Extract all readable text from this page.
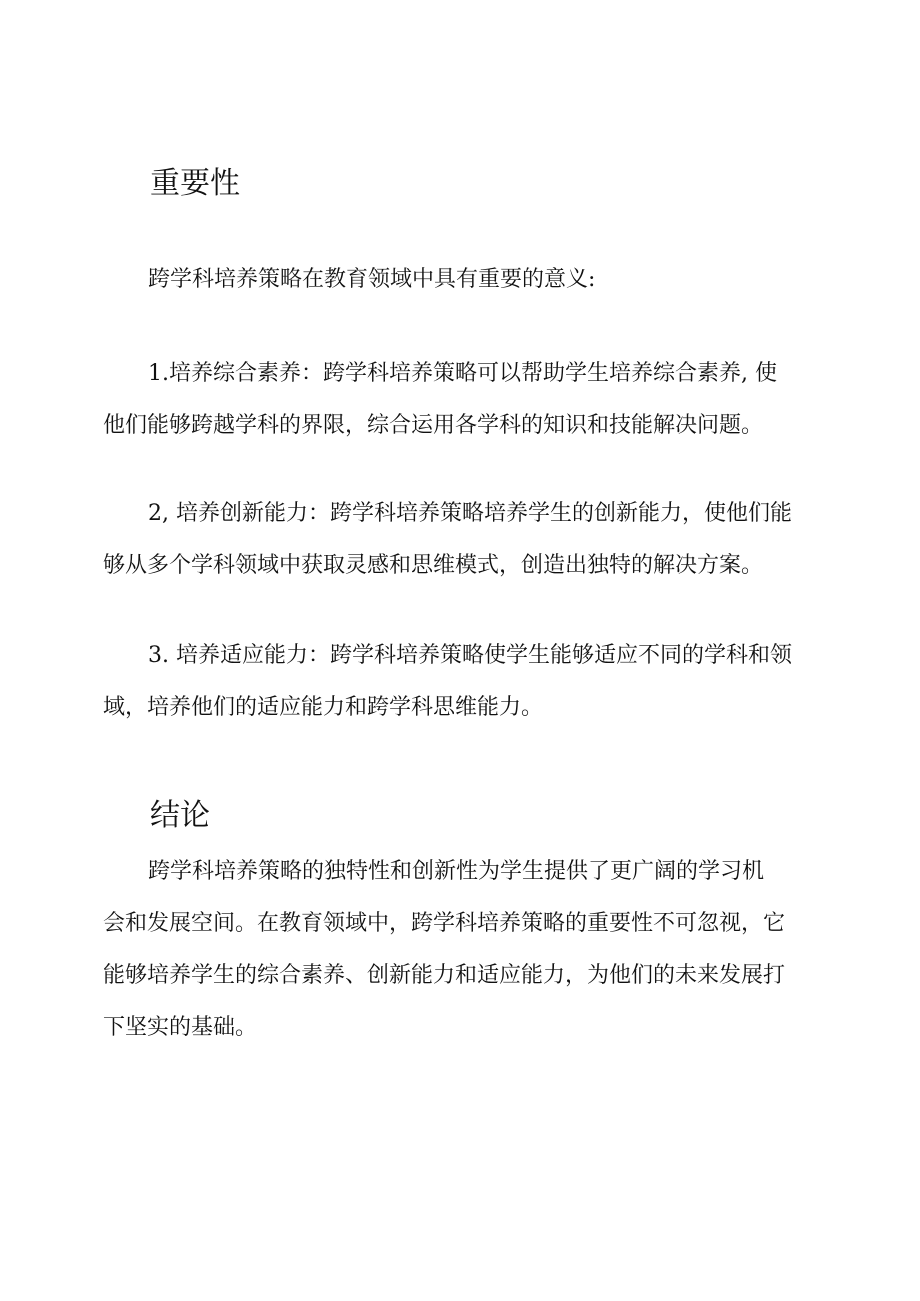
重要性

跨学科培养策略在教育领域中具有重要的意义:

1.培养综合素养：跨学科培养策略可以帮助学生培养综合素养, 使
他们能够跨越学科的界限，综合运用各学科的知识和技能解决问题。

2, 培养创新能力：跨学科培养策略培养学生的创新能力，使他们能
够从多个学科领域中获取灵感和思维模式，创造出独特的解决方案。

3. 培养适应能力：跨学科培养策略使学生能够适应不同的学科和领
域，培养他们的适应能力和跨学科思维能力。

结论

跨学科培养策略的独特性和创新性为学生提供了更广阔的学习机
会和发展空间。在教育领域中，跨学科培养策略的重要性不可忽视，它
能够培养学生的综合素养、创新能力和适应能力，为他们的未来发展打
下坚实的基础。
